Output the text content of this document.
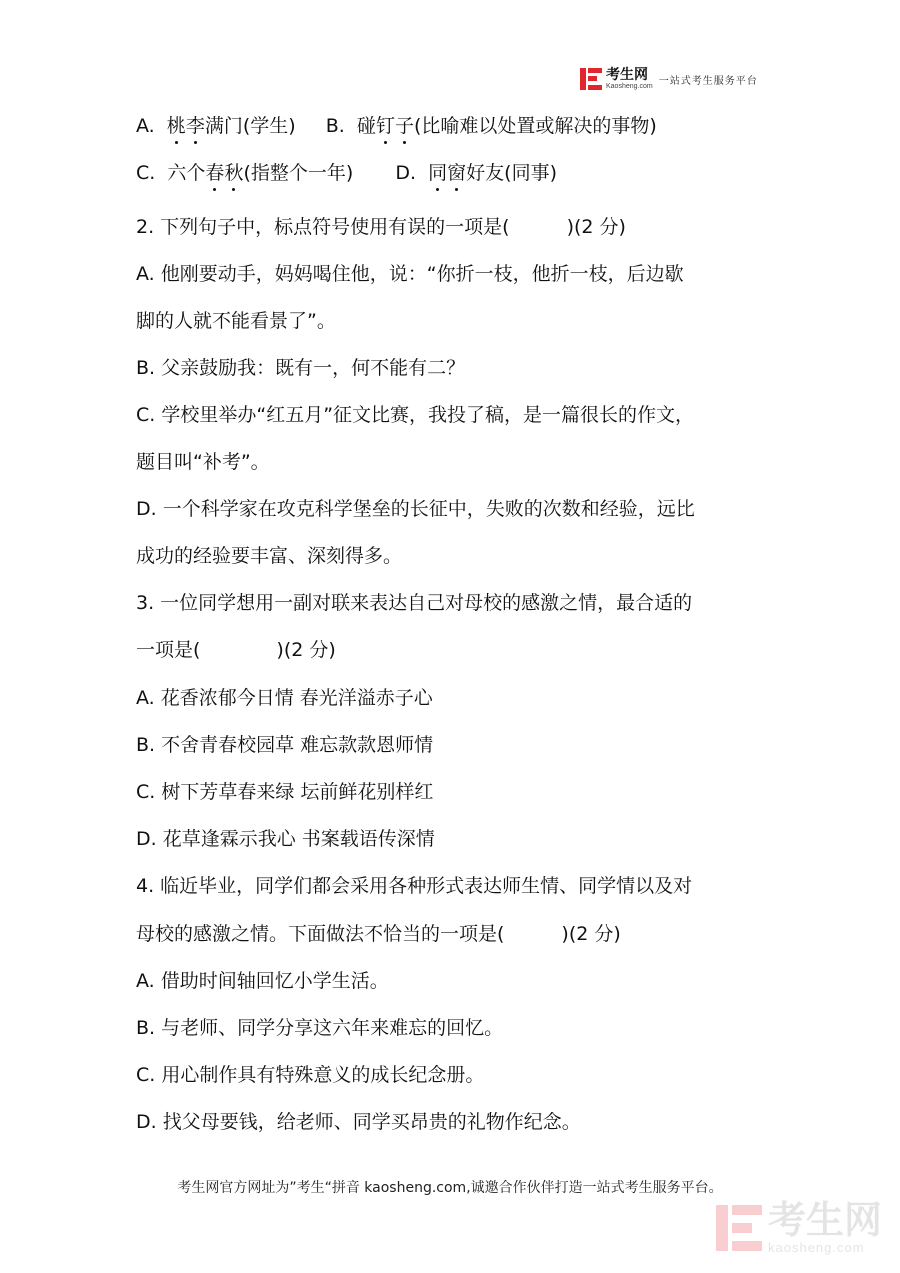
考生网
Kaosheng.com 一站式考生服务平台
A. 桃李满门(学生) B. 碰钉子(比喻难以处置或解决的事物)
C. 六个春秋(指整个一年) D. 同窗好友(同事)
2. 下列句子中，标点符号使用有误的一项是(　　　)(2 分)
A. 他刚要动手，妈妈喝住他，说：“你折一枝，他折一枝，后边歇
脚的人就不能看景了”。
B. 父亲鼓励我：既有一，何不能有二？
C. 学校里举办“红五月”征文比赛，我投了稿，是一篇很长的作文，
题目叫“补考”。
D. 一个科学家在攻克科学堡垒的长征中，失败的次数和经验，远比
成功的经验要丰富、深刻得多。
3. 一位同学想用一副对联来表达自己对母校的感激之情，最合适的
一项是(　　　　)(2 分)
A. 花香浓郁今日情 春光洋溢赤子心
B. 不舍青春校园草 难忘款款恩师情
C. 树下芳草春来绿 坛前鲜花别样红
D. 花草逢霖示我心 书案载语传深情
4. 临近毕业，同学们都会采用各种形式表达师生情、同学情以及对
母校的感激之情。下面做法不恰当的一项是(　　　)(2 分)
A. 借助时间轴回忆小学生活。
B. 与老师、同学分享这六年来难忘的回忆。
C. 用心制作具有特殊意义的成长纪念册。
D. 找父母要钱，给老师、同学买昂贵的礼物作纪念。
考生网官方网址为”考生“拼音 kaosheng.com,诚邀合作伙伴打造一站式考生服务平台。
考生网
kaosheng.com
